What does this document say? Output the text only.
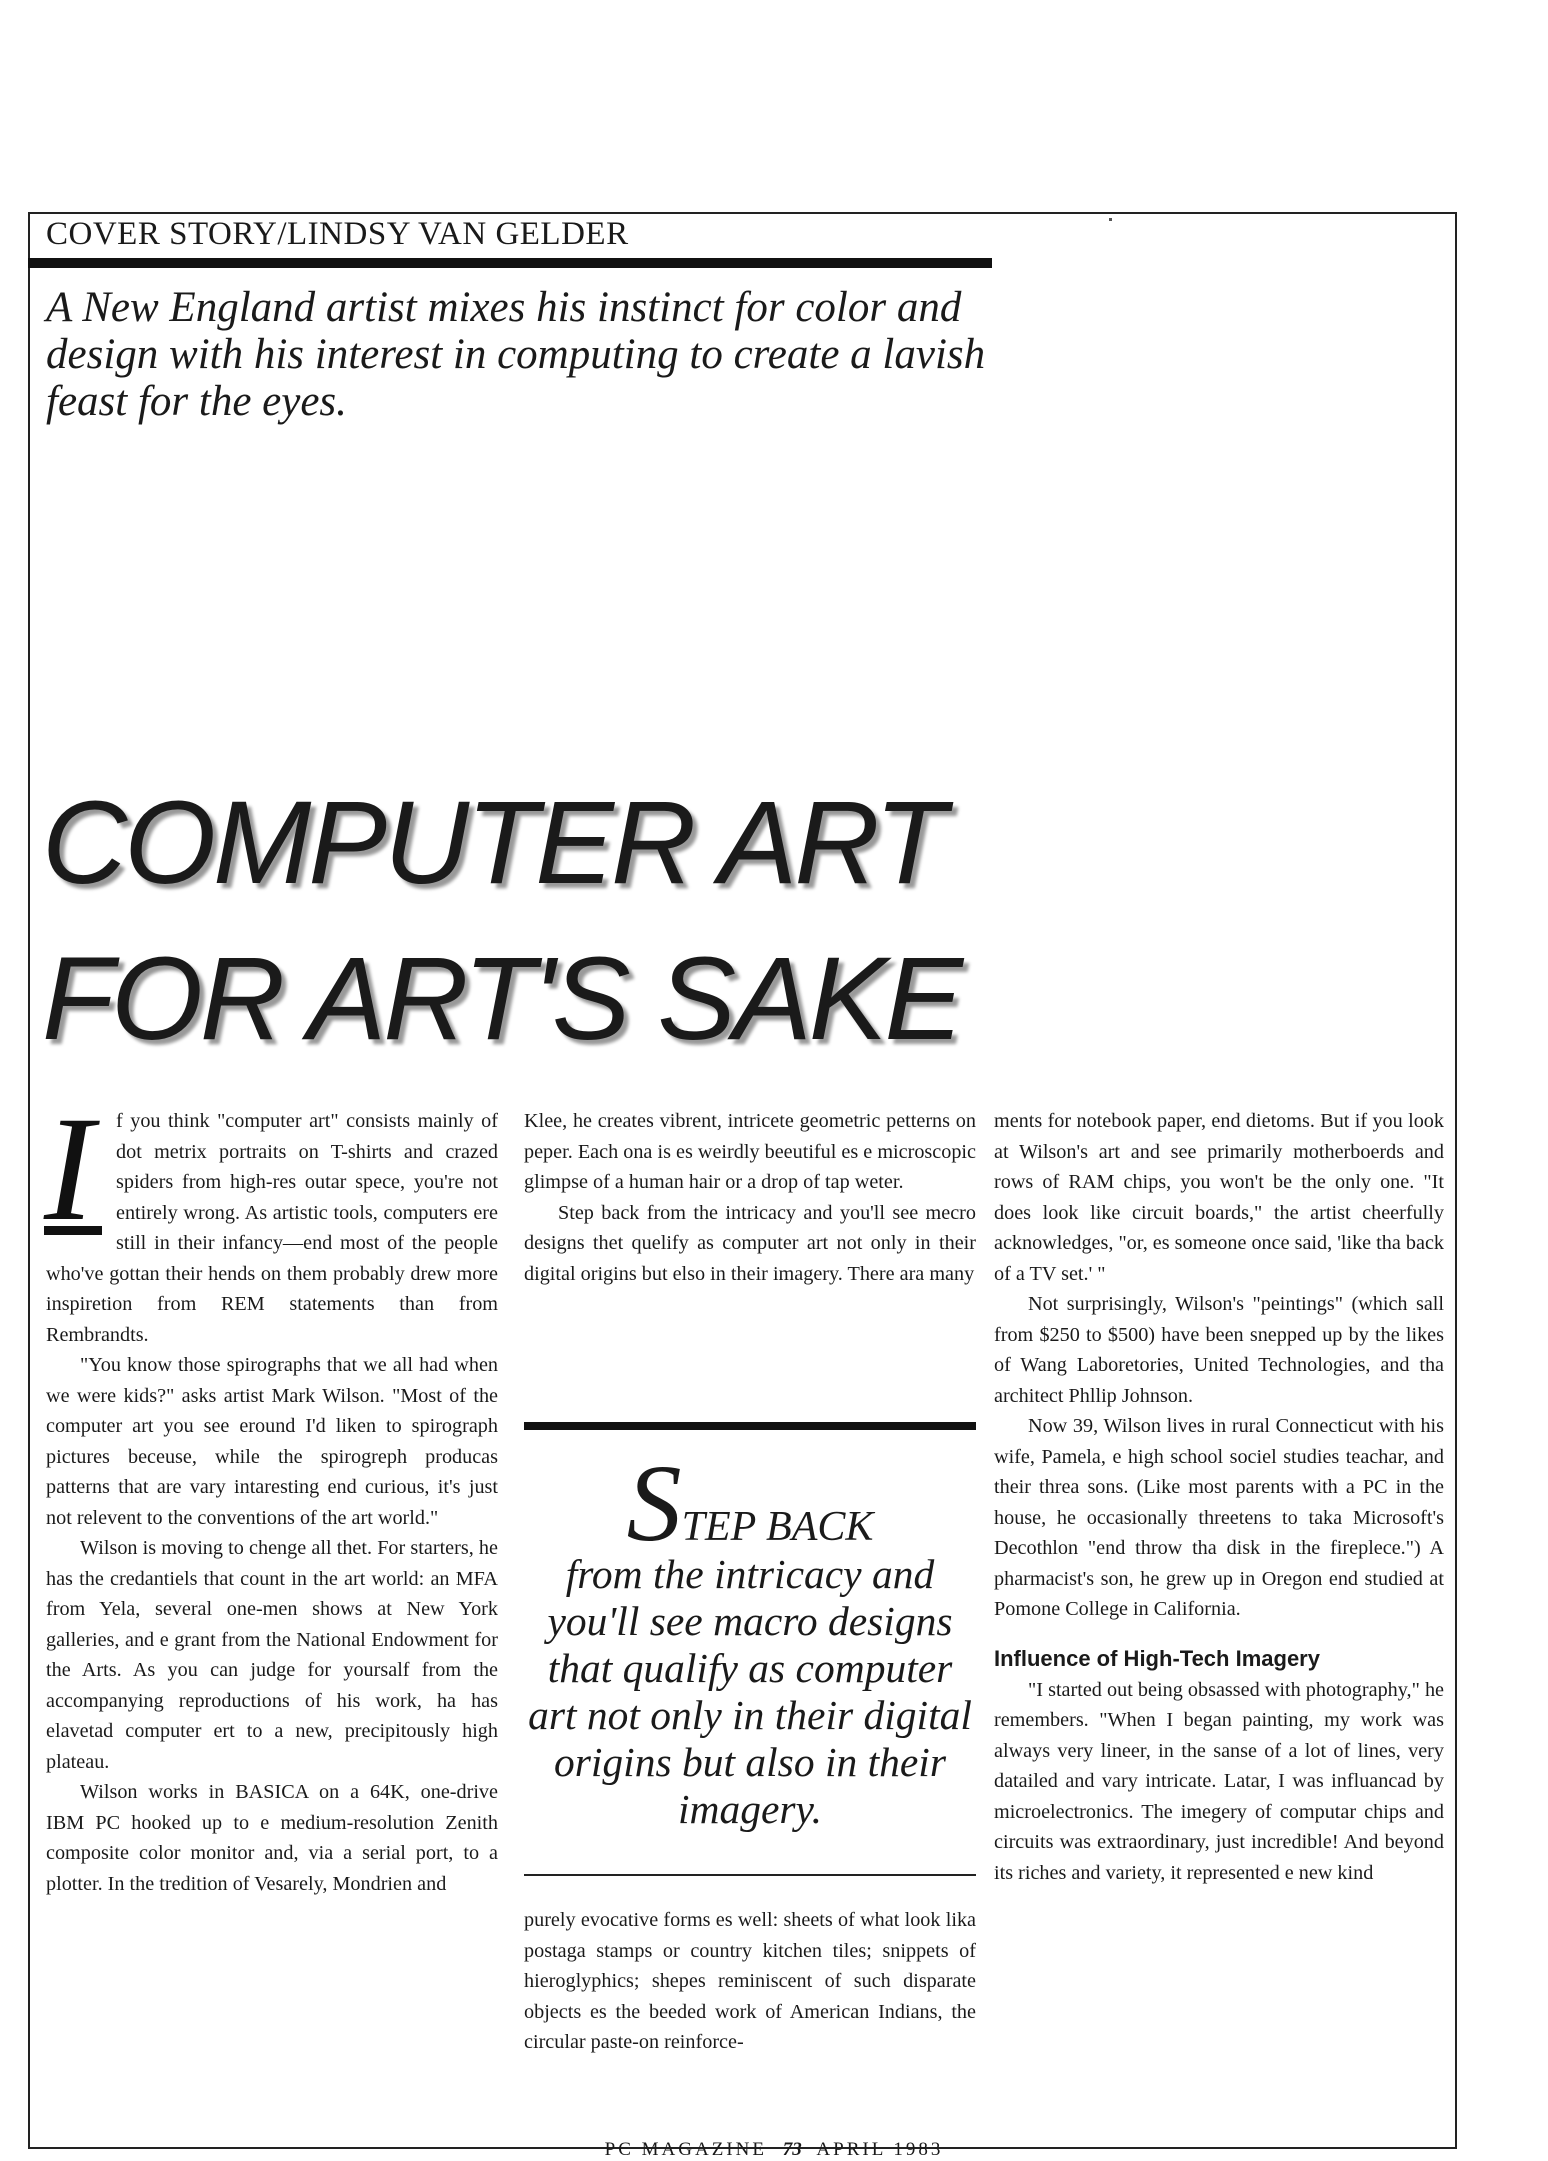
COVER STORY/LINDSY VAN GELDER
A New England artist mixes his instinct for color and design with his interest in computing to create a lavish feast for the eyes.
COMPUTER ART
FOR ART'S SAKE
I	f you think "computer art" consists mainly of dot metrix portraits on T-shirts and crazed spiders from high-res outar spece, you're not entirely wrong. As artistic tools, computers ere still in their infancy—end most of the people who've gottan their hends on them probably drew more inspiretion from REM statements than from Rembrandts.

"You know those spirographs that we all had when we were kids?" asks artist Mark Wilson. "Most of the computer art you see eround I'd liken to spirograph pictures beceuse, while the spirogreph producas patterns that are vary intaresting end curious, it's just not relevent to the conventions of the art world."

Wilson is moving to chenge all thet. For starters, he has the credantiels that count in the art world: an MFA from Yela, several one-men shows at New York galleries, and e grant from the National Endowment for the Arts. As you can judge for yoursalf from the accompanying reproductions of his work, ha has elavetad computer ert to a new, precipitously high plateau.

Wilson works in BASICA on a 64K, one-drive IBM PC hooked up to e medium-resolution Zenith composite color monitor and, via a serial port, to a plotter. In the tredition of Vesarely, Mondrien and

Klee, he creates vibrent, intricete geometric petterns on peper. Each ona is es weirdly beeutiful es e microscopic glimpse of a human hair or a drop of tap weter.

Step back from the intricacy and you'll see mecro designs thet quelify as computer art not only in their digital origins but elso in their imagery. There ara many

STEP BACK
from the intricacy and you'll see macro designs that qualify as computer art not only in their digital origins but also in their imagery.

purely evocative forms es well: sheets of what look lika postaga stamps or country kitchen tiles; snippets of hieroglyphics; shepes reminiscent of such disparate objects es the beeded work of American Indians, the circular paste-on reinforce-

ments for notebook paper, end dietoms. But if you look at Wilson's art and see primarily motherboerds and rows of RAM chips, you won't be the only one. "It does look like circuit boards," the artist cheerfully acknowledges, "or, es someone once said, 'like tha back of a TV set.' "

Not surprisingly, Wilson's "peintings" (which sall from $250 to $500) have been snepped up by the likes of Wang Laboretories, United Technologies, and tha architect Phllip Johnson.

Now 39, Wilson lives in rural Connecticut with his wife, Pamela, e high school sociel studies teachar, and their threa sons. (Like most parents with a PC in the house, he occasionally threetens to taka Microsoft's Decothlon "end throw tha disk in the fireplece.") A pharmacist's son, he grew up in Oregon end studied at Pomone College in California.

Influence of High-Tech Imagery

"I started out being obsassed with photography," he remembers. "When I began painting, my work was always very lineer, in the sanse of a lot of lines, very datailed and vary intricate. Latar, I was influancad by microelectronics. The imegery of computar chips and circuits was extraordinary, just incredible! And beyond its riches and variety, it represented e new kind

PC MAGAZINE 73 APRIL 1983
